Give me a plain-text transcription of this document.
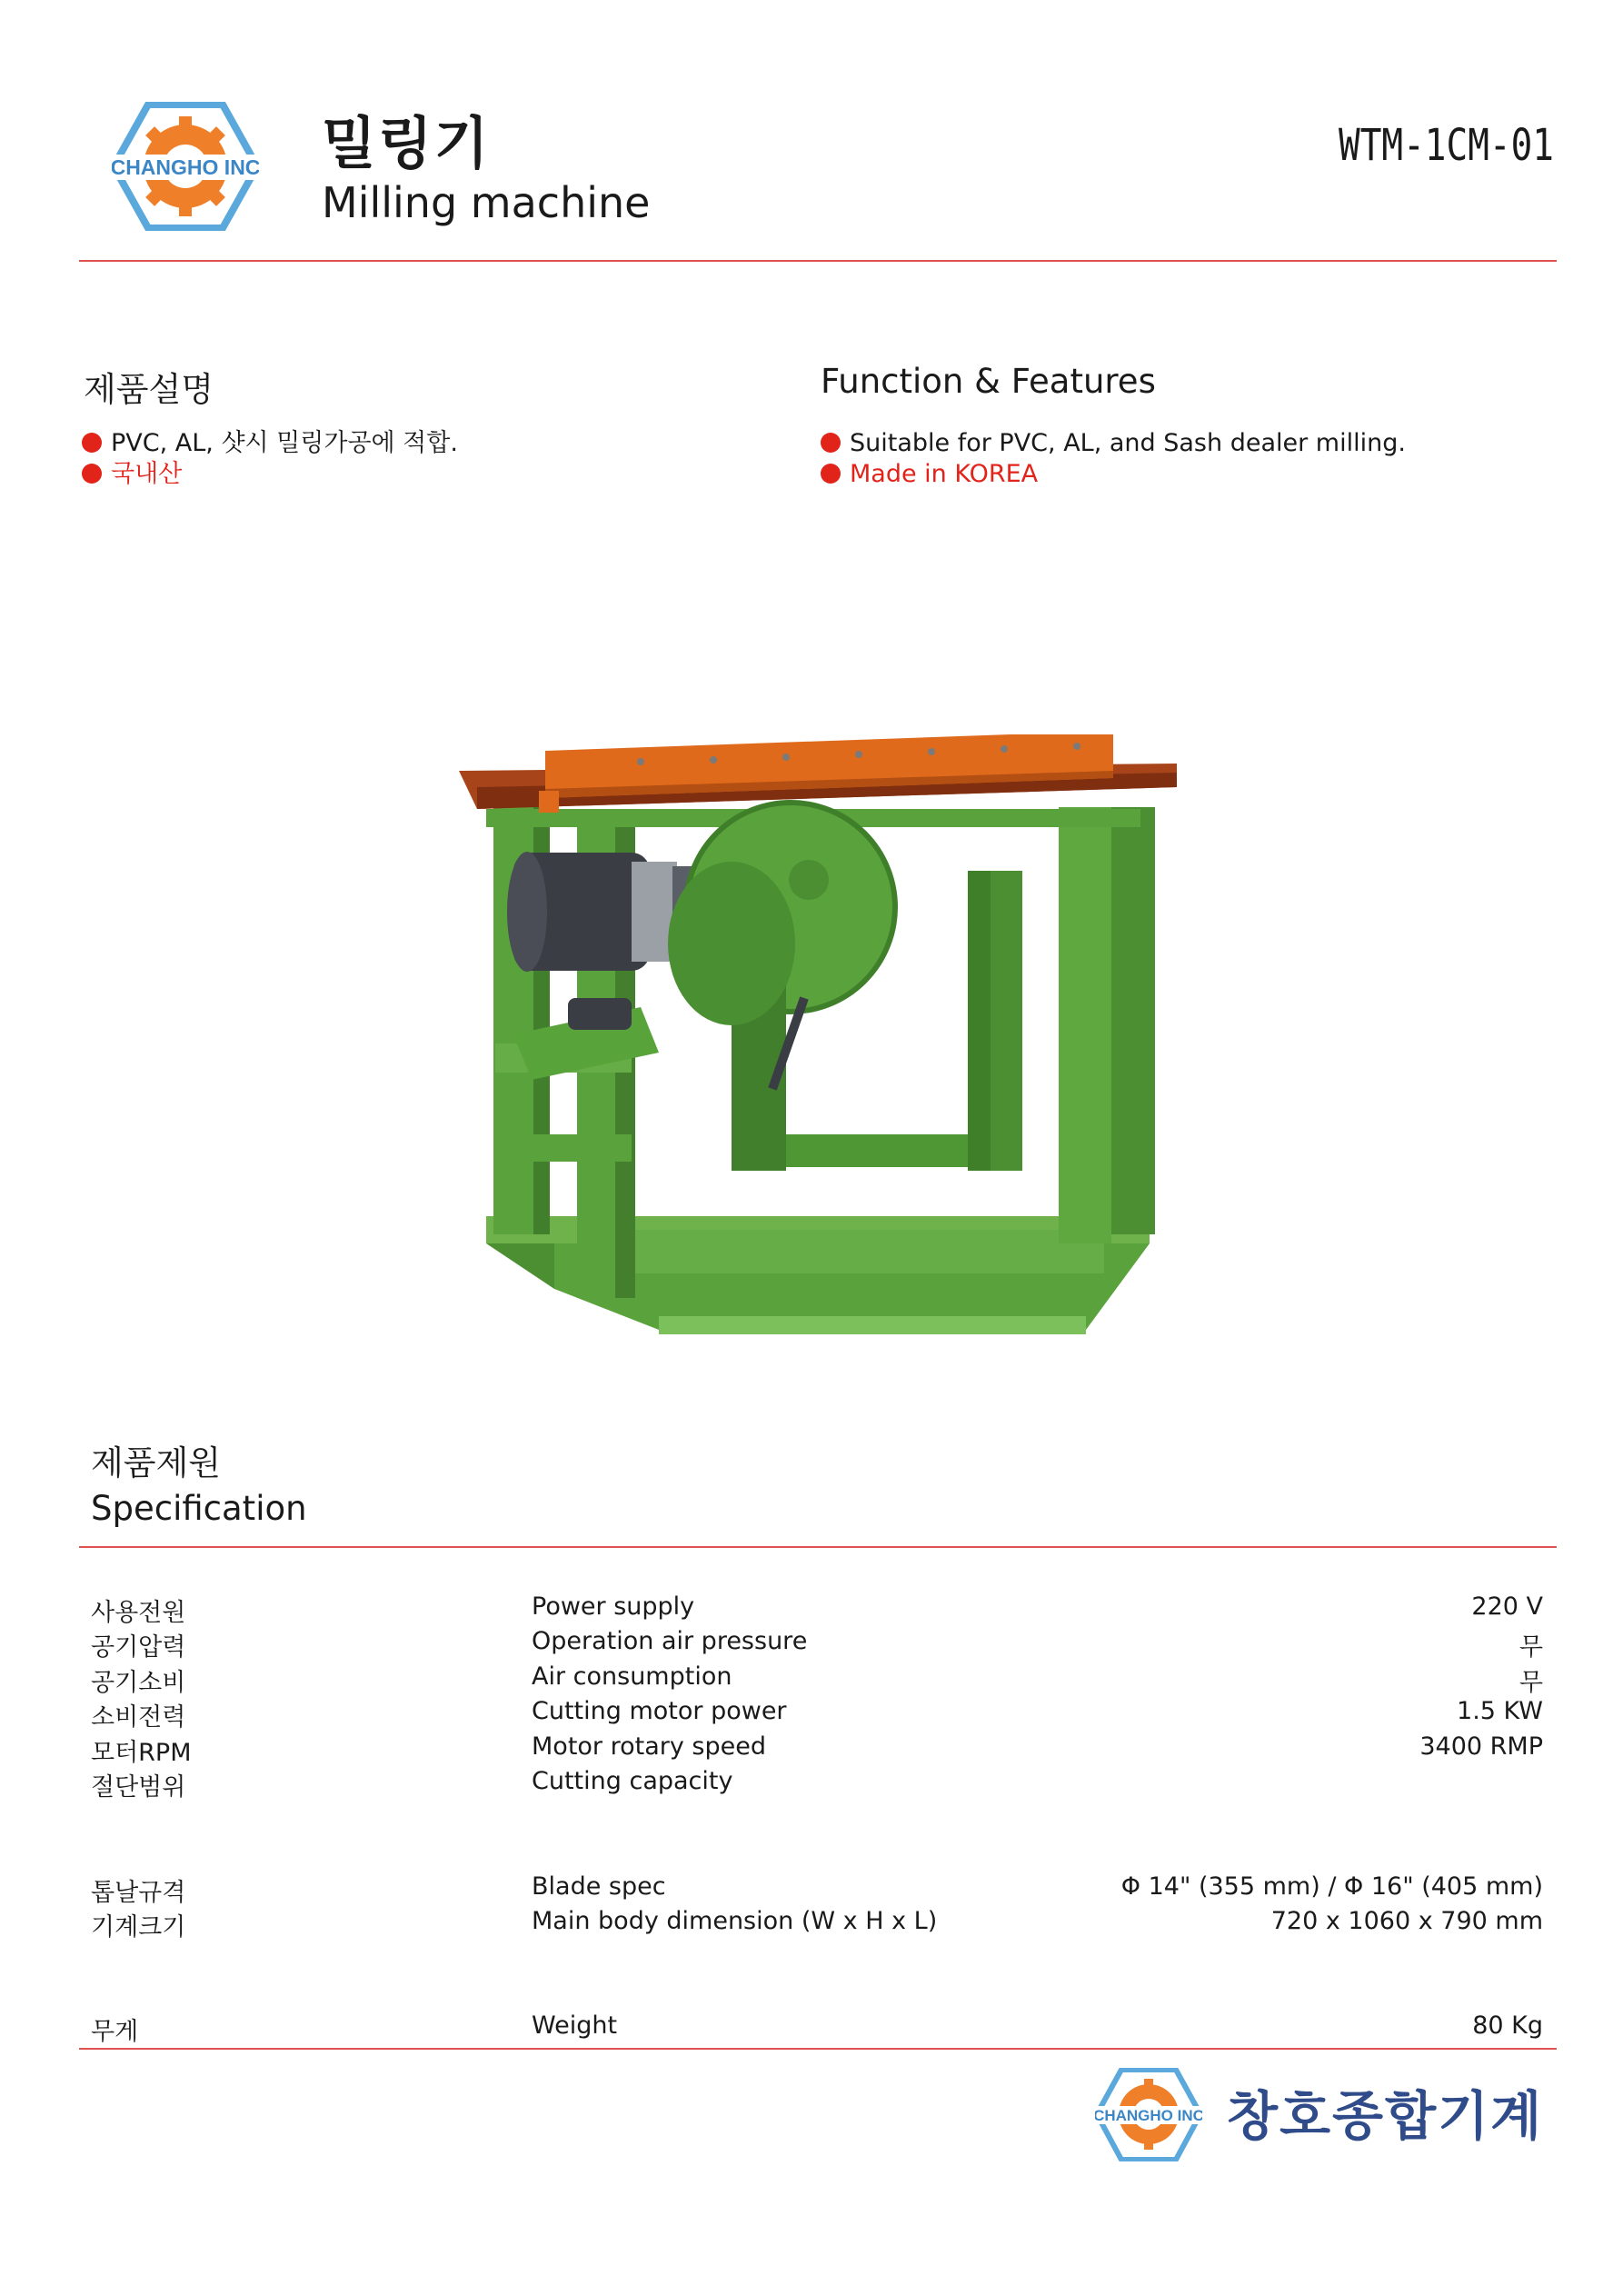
CHANGHO INC 밀링기
Milling machine
WTM-1CM-01
제품설명
PVC, AL, 샷시 밀링가공에 적합.
국내산
Function & Features
Suitable for PVC, AL, and Sash dealer milling.
Made in KOREA
제품제원
Specification
사용전원	Power supply	220 V
공기압력	Operation air pressure	무
공기소비	Air consumption	무
소비전력	Cutting motor power	1.5 KW
모터RPM	Motor rotary speed	3400 RMP
절단범위	Cutting capacity
톱날규격	Blade spec	Φ 14" (355 mm) / Φ 16" (405 mm)
기계크기	Main body dimension (W x H x L)	720 x 1060 x 790 mm
무게	Weight	80 Kg
CHANGHO INC 창호종합기계
